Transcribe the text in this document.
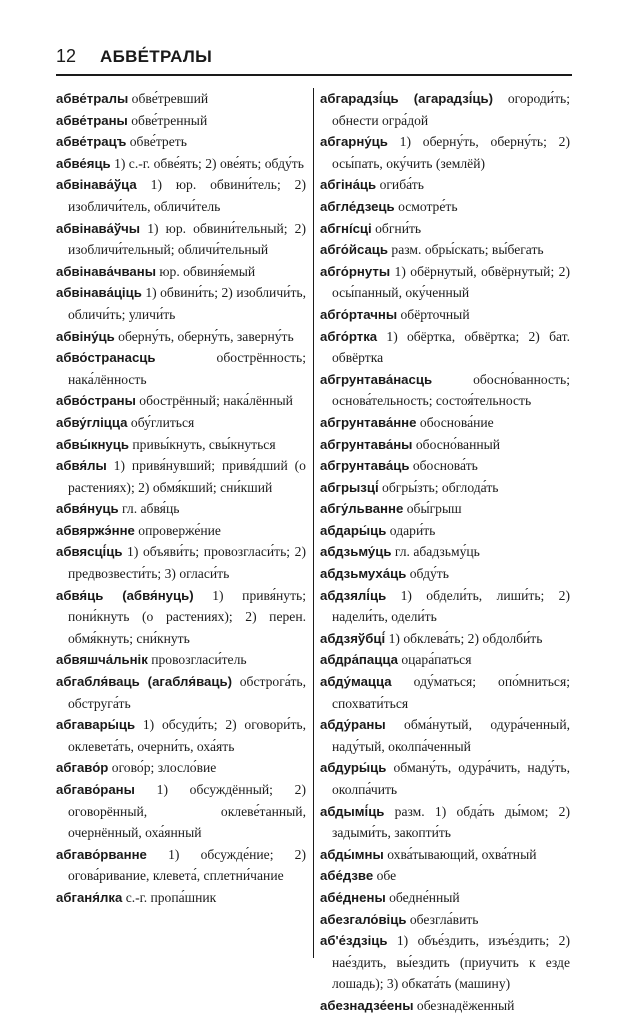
12 АБВЕ́ТРАЛЫ

абве́тралы обве́тревший

абве́траны обве́тренный

абве́трацъ обве́треть

абве́яць 1) с.-г. обве́ять; 2) ове́ять; обду́ть

абвінава́ўца 1) юр. обвини́тель; 2) изобличи́тель, обличи́тель

абвінава́ўчы 1) юр. обвини́тельный; 2) изобличи́тельный; обличи́тельный

абвінава́чваны юр. обвиня́емый

абвінава́ціць 1) обвини́ть; 2) изобличи́ть, обличи́ть; уличи́ть

абвіну́ць оберну́ть, оберну́ть, заверну́ть

абво́странасць	обострённость; нака́лённость

абво́страны обострённый; нака́лённый

абву́гліцца обу́глиться

абвы́кнуць привы́кнуть, свы́кнуться

абвя́лы 1) привя́нувший; привя́дший (о растениях); 2) обмя́кший; сни́кший

абвя́нуць гл. абвя́ць

абвяржэ́нне опроверже́ние

абвясці́ць 1) объяви́ть; провозгласи́ть; 2) предвозвести́ть; 3) огласи́ть

абвя́ць (абвя́нуць) 1) привя́нуть; пони́кнуть (о растениях); 2) перен. обмя́кнуть; сни́кнуть

абвяшча́льнік провозгласи́тель

абгабля́ваць (агабля́ваць) обстрога́ть, обструга́ть

абгавары́ць 1) обсуди́ть; 2) оговори́ть, оклевета́ть, очерни́ть, оха́ять

абгаво́р огово́р; злосло́вие

абгаво́раны 1) обсуждённый; 2) оговорённый, оклеве́танный, очернённый, оха́янный

абгаво́рванне 1) обсужде́ние; 2) огова́ривание, клевета́, сплетни́чание

абганя́лка с.-г. пропа́шник

абгарадзі́ць (агарадзі́ць) огороди́ть; обнести огра́дой

абгарну́ць 1) оберну́ть, оберну́ть; 2) осы́пать, оку́чить (землёй)

абгіна́ць огиба́ть

абгле́дзець осмотре́ть

абгнíсці обгни́ть

абго́йсаць разм. обры́скать; вы́бегать

абго́рнуты 1) обёрнутый, обвёрнутый; 2) осы́панный, оку́ченный

абго́ртачны обёрточный

абго́ртка 1) обёртка, обвёртка; 2) бат. обвёртка

абгрунтава́насць	обосно́ванность; основа́тельность; состоя́тельность

абгрунтава́нне обоснова́ние

абгрунтава́ны обосно́ванный

абгрунтава́ць обоснова́ть

абгрызці́ обгры́зть; обглода́ть

абгу́льванне обы́грыш

абдары́ць одари́ть

абдзьму́ць гл. абадзьму́ць

абдзьмуха́ць обду́ть

абдзялі́ць 1) обдели́ть, лиши́ть; 2) надели́ть, одели́ть

абдзяўбці́ 1) обклева́ть; 2) обдолби́ть

абдра́пацца оцара́паться

абду́мацца оду́маться; опо́мниться; спохвати́ться

абду́раны обма́нутый, одура́ченный, наду́тый, околпа́ченный

абдуры́ць обману́ть, одура́чить, наду́ть, околпа́чить

абдымі́ць разм. 1) обда́ть ды́мом; 2) задыми́ть, закопти́ть

абды́мны охва́тывающий, охва́тный

абе́дзве обе

абе́днены обедне́нный

абезгало́віць обезгла́вить

аб'е́здзіць 1) объе́здить, изъе́здить; 2) нае́здить, вы́ездить (приучить к езде лошадь); 3) обката́ть (машину)

абезнадзе́ены обезнадёженный
